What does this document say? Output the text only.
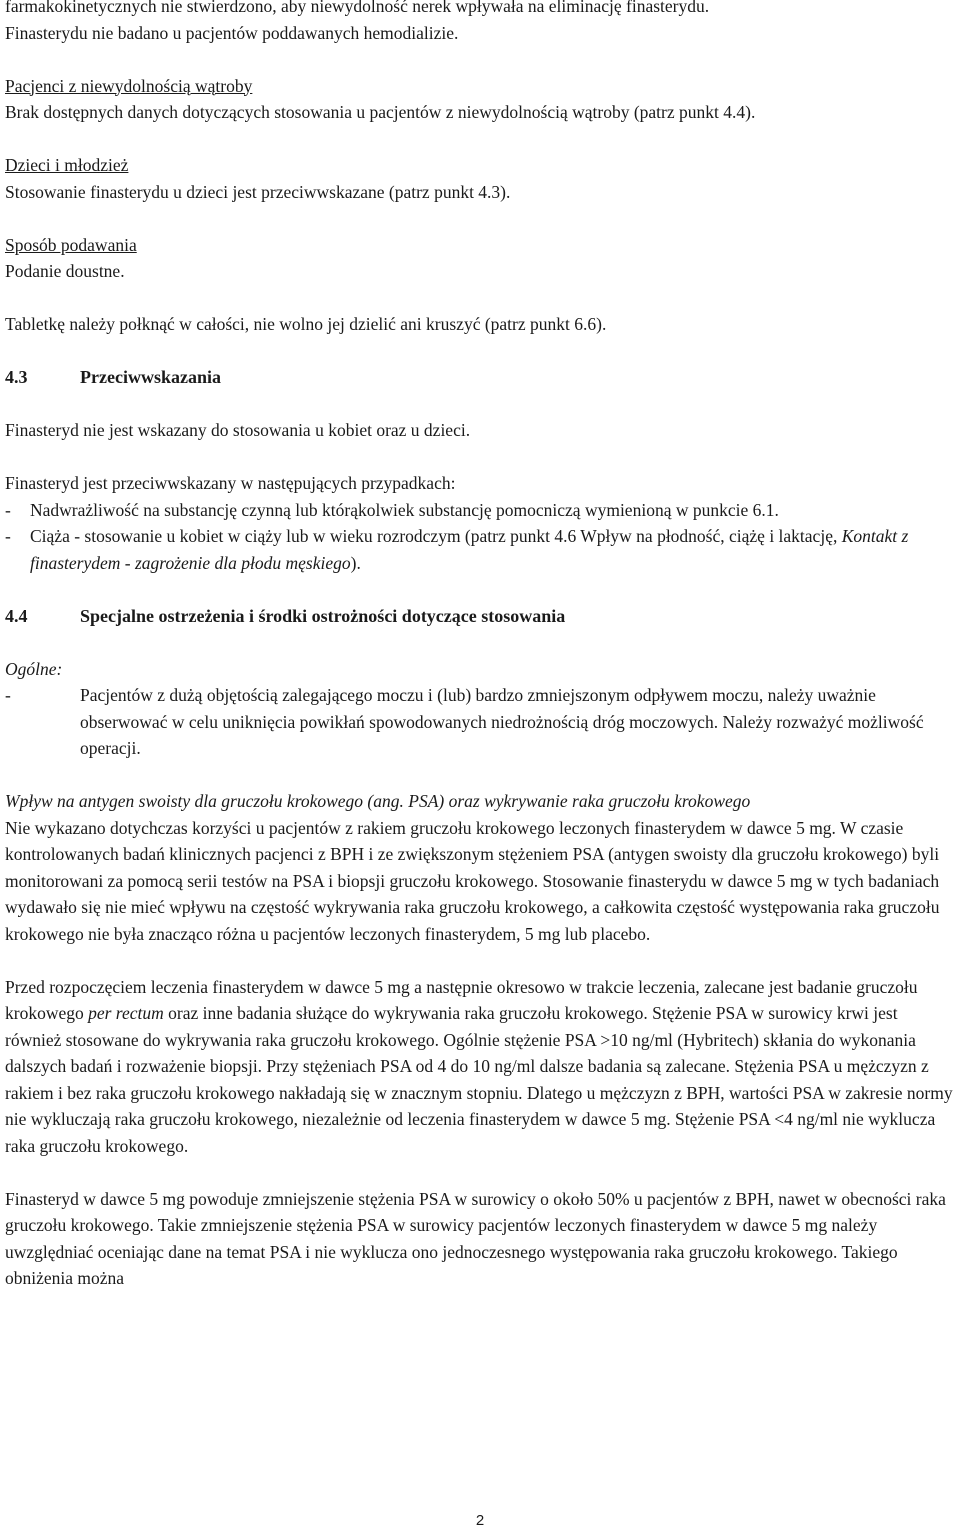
farmakokinetycznych nie stwierdzono, aby niewydolność nerek wpływała na eliminację finasterydu.

Finasterydu nie badano u pacjentów poddawanych hemodializie.

Pacjenci z niewydolnością wątroby

Brak dostępnych danych dotyczących stosowania u pacjentów z niewydolnością wątroby (patrz punkt 4.4).

Dzieci i młodzież

Stosowanie finasterydu u dzieci jest przeciwwskazane (patrz punkt 4.3).

Sposób podawania

Podanie doustne.

Tabletkę należy połknąć w całości, nie wolno jej dzielić ani kruszyć (patrz punkt 6.6).

4.3	Przeciwwskazania

Finasteryd nie jest wskazany do stosowania u kobiet oraz u dzieci.

Finasteryd jest przeciwwskazany w następujących przypadkach:

-	Nadwrażliwość na substancję czynną lub którąkolwiek substancję pomocniczą wymienioną w punkcie 6.1.
-	Ciąża - stosowanie u kobiet w ciąży lub w wieku rozrodczym (patrz punkt 4.6 Wpływ na płodność, ciążę i laktację, Kontakt z finasterydem - zagrożenie dla płodu męskiego).
4.4	Specjalne ostrzeżenia i środki ostrożności dotyczące stosowania

Ogólne:

-	Pacjentów z dużą objętością zalegającego moczu i (lub) bardzo zmniejszonym odpływem moczu, należy uważnie obserwować w celu uniknięcia powikłań spowodowanych niedrożnością dróg moczowych. Należy rozważyć możliwość operacji.

Wpływ na antygen swoisty dla gruczołu krokowego (ang. PSA) oraz wykrywanie raka gruczołu krokowego

Nie wykazano dotychczas korzyści u pacjentów z rakiem gruczołu krokowego leczonych finasterydem w dawce 5 mg. W czasie kontrolowanych badań klinicznych pacjenci z BPH i ze zwiększonym stężeniem PSA (antygen swoisty dla gruczołu krokowego) byli monitorowani za pomocą serii testów na PSA i biopsji gruczołu krokowego. Stosowanie finasterydu w dawce 5 mg w tych badaniach wydawało się nie mieć wpływu na częstość wykrywania raka gruczołu krokowego, a całkowita częstość występowania raka gruczołu krokowego nie była znacząco różna u pacjentów leczonych finasterydem, 5 mg lub placebo.

Przed rozpoczęciem leczenia finasterydem w dawce 5 mg a następnie okresowo w trakcie leczenia, zalecane jest badanie gruczołu krokowego per rectum oraz inne badania służące do wykrywania raka gruczołu krokowego. Stężenie PSA w surowicy krwi jest również stosowane do wykrywania raka gruczołu krokowego. Ogólnie stężenie PSA >10 ng/ml (Hybritech) skłania do wykonania dalszych badań i rozważenie biopsji. Przy stężeniach PSA od 4 do 10 ng/ml dalsze badania są zalecane. Stężenia PSA u mężczyzn z rakiem i bez raka gruczołu krokowego nakładają się w znacznym stopniu. Dlatego u mężczyzn z BPH, wartości PSA w zakresie normy nie wykluczają raka gruczołu krokowego, niezależnie od leczenia finasterydem w dawce 5 mg. Stężenie PSA <4 ng/ml nie wyklucza raka gruczołu krokowego.

Finasteryd w dawce 5 mg powoduje zmniejszenie stężenia PSA w surowicy o około 50% u pacjentów z BPH, nawet w obecności raka gruczołu krokowego. Takie zmniejszenie stężenia PSA w surowicy pacjentów leczonych finasterydem w dawce 5 mg należy uwzględniać oceniając dane na temat PSA i nie wyklucza ono jednoczesnego występowania raka gruczołu krokowego. Takiego obniżenia można

2
